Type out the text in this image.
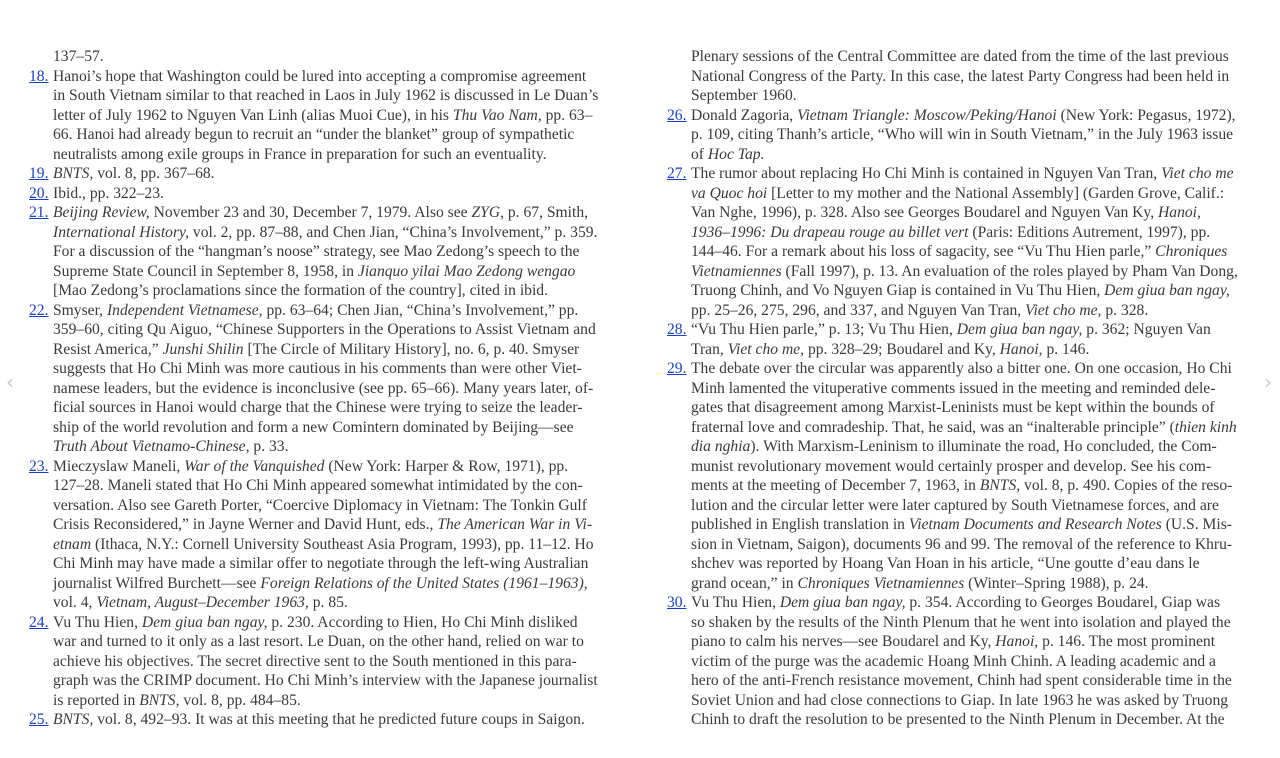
137–57.
18. Hanoi’s hope that Washington could be lured into accepting a compromise agreement
in South Vietnam similar to that reached in Laos in July 1962 is discussed in Le Duan’s
letter of July 1962 to Nguyen Van Linh (alias Muoi Cue), in his Thu Vao Nam, pp. 63–
66. Hanoi had already begun to recruit an “under the blanket” group of sympathetic
neutralists among exile groups in France in preparation for such an eventuality.
19. BNTS, vol. 8, pp. 367–68.
20. Ibid., pp. 322–23.
21. Beijing Review, November 23 and 30, December 7, 1979. Also see ZYG, p. 67, Smith,
International History, vol. 2, pp. 87–88, and Chen Jian, “China’s Involvement,” p. 359.
For a discussion of the “hangman’s noose” strategy, see Mao Zedong’s speech to the
Supreme State Council in September 8, 1958, in Jianquo yilai Mao Zedong wengao
[Mao Zedong’s proclamations since the formation of the country], cited in ibid.
22. Smyser, Independent Vietnamese, pp. 63–64; Chen Jian, “China’s Involvement,” pp.
359–60, citing Qu Aiguo, “Chinese Supporters in the Operations to Assist Vietnam and
Resist America,” Junshi Shilin [The Circle of Military History], no. 6, p. 40. Smyser
suggests that Ho Chi Minh was more cautious in his comments than were other Viet-
namese leaders, but the evidence is inconclusive (see pp. 65–66). Many years later, of-
ficial sources in Hanoi would charge that the Chinese were trying to seize the leader-
ship of the world revolution and form a new Comintern dominated by Beijing—see
Truth About Vietnamo-Chinese, p. 33.
23. Mieczyslaw Maneli, War of the Vanquished (New York: Harper & Row, 1971), pp.
127–28. Maneli stated that Ho Chi Minh appeared somewhat intimidated by the con-
versation. Also see Gareth Porter, “Coercive Diplomacy in Vietnam: The Tonkin Gulf
Crisis Reconsidered,” in Jayne Werner and David Hunt, eds., The American War in Vi-
etnam (Ithaca, N.Y.: Cornell University Southeast Asia Program, 1993), pp. 11–12. Ho
Chi Minh may have made a similar offer to negotiate through the left-wing Australian
journalist Wilfred Burchett—see Foreign Relations of the United States (1961–1963),
vol. 4, Vietnam, August–December 1963, p. 85.
24. Vu Thu Hien, Dem giua ban ngay, p. 230. According to Hien, Ho Chi Minh disliked
war and turned to it only as a last resort. Le Duan, on the other hand, relied on war to
achieve his objectives. The secret directive sent to the South mentioned in this para-
graph was the CRIMP document. Ho Chi Minh’s interview with the Japanese journalist
is reported in BNTS, vol. 8, pp. 484–85.
25. BNTS, vol. 8, 492–93. It was at this meeting that he predicted future coups in Saigon.
Plenary sessions of the Central Committee are dated from the time of the last previous
National Congress of the Party. In this case, the latest Party Congress had been held in
September 1960.
26. Donald Zagoria, Vietnam Triangle: Moscow/Peking/Hanoi (New York: Pegasus, 1972),
p. 109, citing Thanh’s article, “Who will win in South Vietnam,” in the July 1963 issue
of Hoc Tap.
27. The rumor about replacing Ho Chi Minh is contained in Nguyen Van Tran, Viet cho me
va Quoc hoi [Letter to my mother and the National Assembly] (Garden Grove, Calif.:
Van Nghe, 1996), p. 328. Also see Georges Boudarel and Nguyen Van Ky, Hanoi,
1936–1996: Du drapeau rouge au billet vert (Paris: Editions Autrement, 1997), pp.
144–46. For a remark about his loss of sagacity, see “Vu Thu Hien parle,” Chroniques
Vietnamiennes (Fall 1997), p. 13. An evaluation of the roles played by Pham Van Dong,
Truong Chinh, and Vo Nguyen Giap is contained in Vu Thu Hien, Dem giua ban ngay,
pp. 25–26, 275, 296, and 337, and Nguyen Van Tran, Viet cho me, p. 328.
28. “Vu Thu Hien parle,” p. 13; Vu Thu Hien, Dem giua ban ngay, p. 362; Nguyen Van
Tran, Viet cho me, pp. 328–29; Boudarel and Ky, Hanoi, p. 146.
29. The debate over the circular was apparently also a bitter one. On one occasion, Ho Chi
Minh lamented the vituperative comments issued in the meeting and reminded dele-
gates that disagreement among Marxist-Leninists must be kept within the bounds of
fraternal love and comradeship. That, he said, was an “inalterable principle” (thien kinh
dia nghia). With Marxism-Leninism to illuminate the road, Ho concluded, the Com-
munist revolutionary movement would certainly prosper and develop. See his com-
ments at the meeting of December 7, 1963, in BNTS, vol. 8, p. 490. Copies of the reso-
lution and the circular letter were later captured by South Vietnamese forces, and are
published in English translation in Vietnam Documents and Research Notes (U.S. Mis-
sion in Vietnam, Saigon), documents 96 and 99. The removal of the reference to Khru-
shchev was reported by Hoang Van Hoan in his article, “Une goutte d’eau dans le
grand ocean,” in Chroniques Vietnamiennes (Winter–Spring 1988), p. 24.
30. Vu Thu Hien, Dem giua ban ngay, p. 354. According to Georges Boudarel, Giap was
so shaken by the results of the Ninth Plenum that he went into isolation and played the
piano to calm his nerves—see Boudarel and Ky, Hanoi, p. 146. The most prominent
victim of the purge was the academic Hoang Minh Chinh. A leading academic and a
hero of the anti-French resistance movement, Chinh had spent considerable time in the
Soviet Union and had close connections to Giap. In late 1963 he was asked by Truong
Chinh to draft the resolution to be presented to the Ninth Plenum in December. At the
‹	›
